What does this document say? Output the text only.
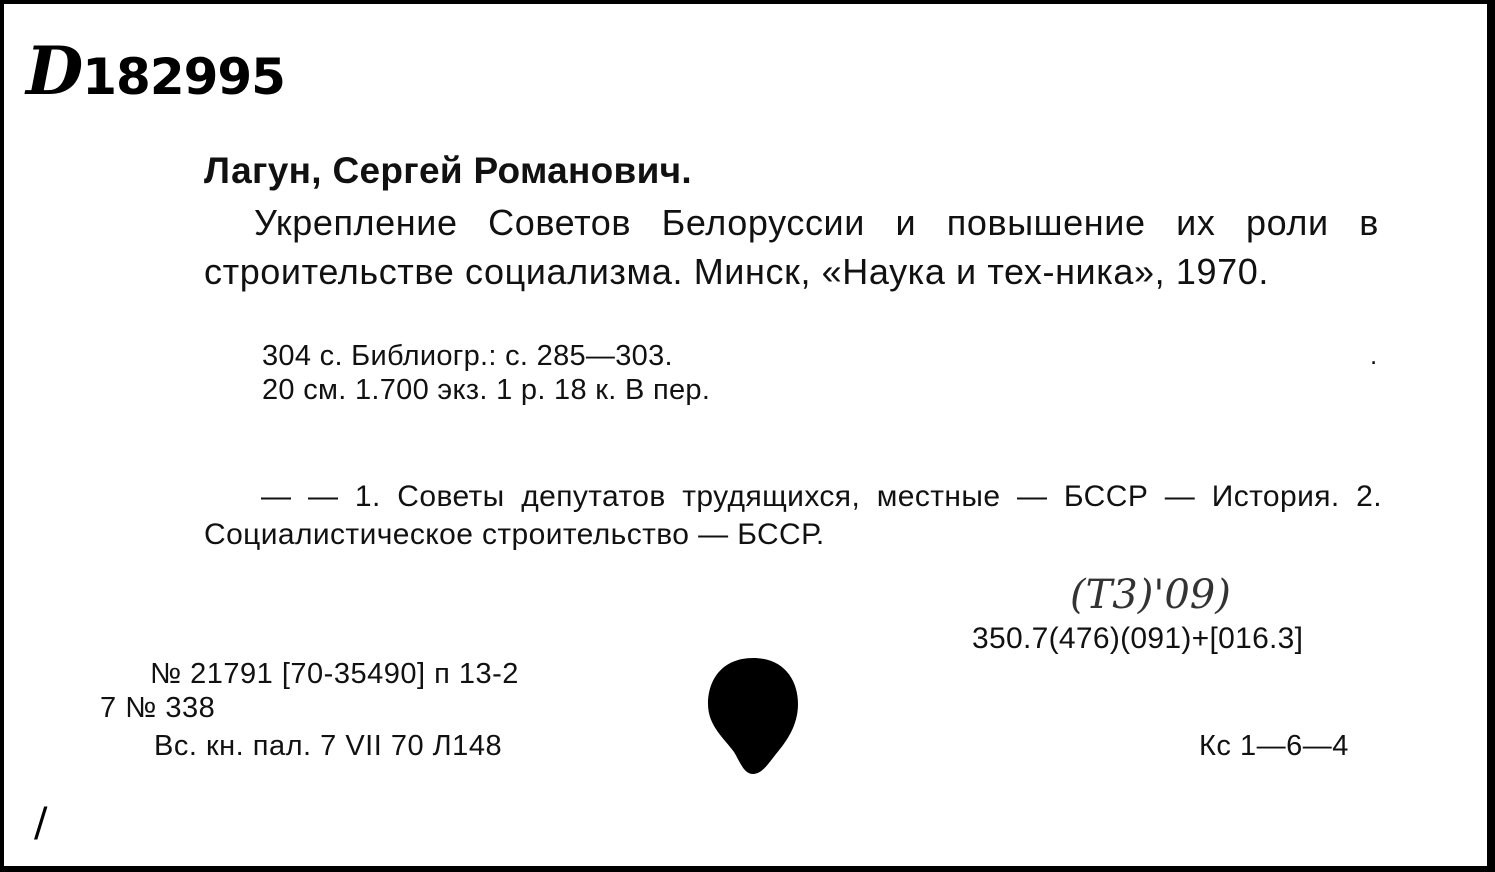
D182995
Лагун, Сергей Романович.
Укрепление Советов Белоруссии и повышение их роли в строительстве социализма. Минск, «Наука и тех-ника», 1970.
304 с. Библиогр.: с. 285—303.
20 см. 1.700 экз. 1 р. 18 к. В пер.
.
— — 1. Советы депутатов трудящихся, местные — БССР — История. 2. Социалистическое строительство — БССР.
(Т3)'09)
350.7(476)(091)+[016.3]
№ 21791 [70-35490] п 13-2
7 № 338
Вс. кн. пал. 7 VII 70 Л148	Кс 1—6—4
/
